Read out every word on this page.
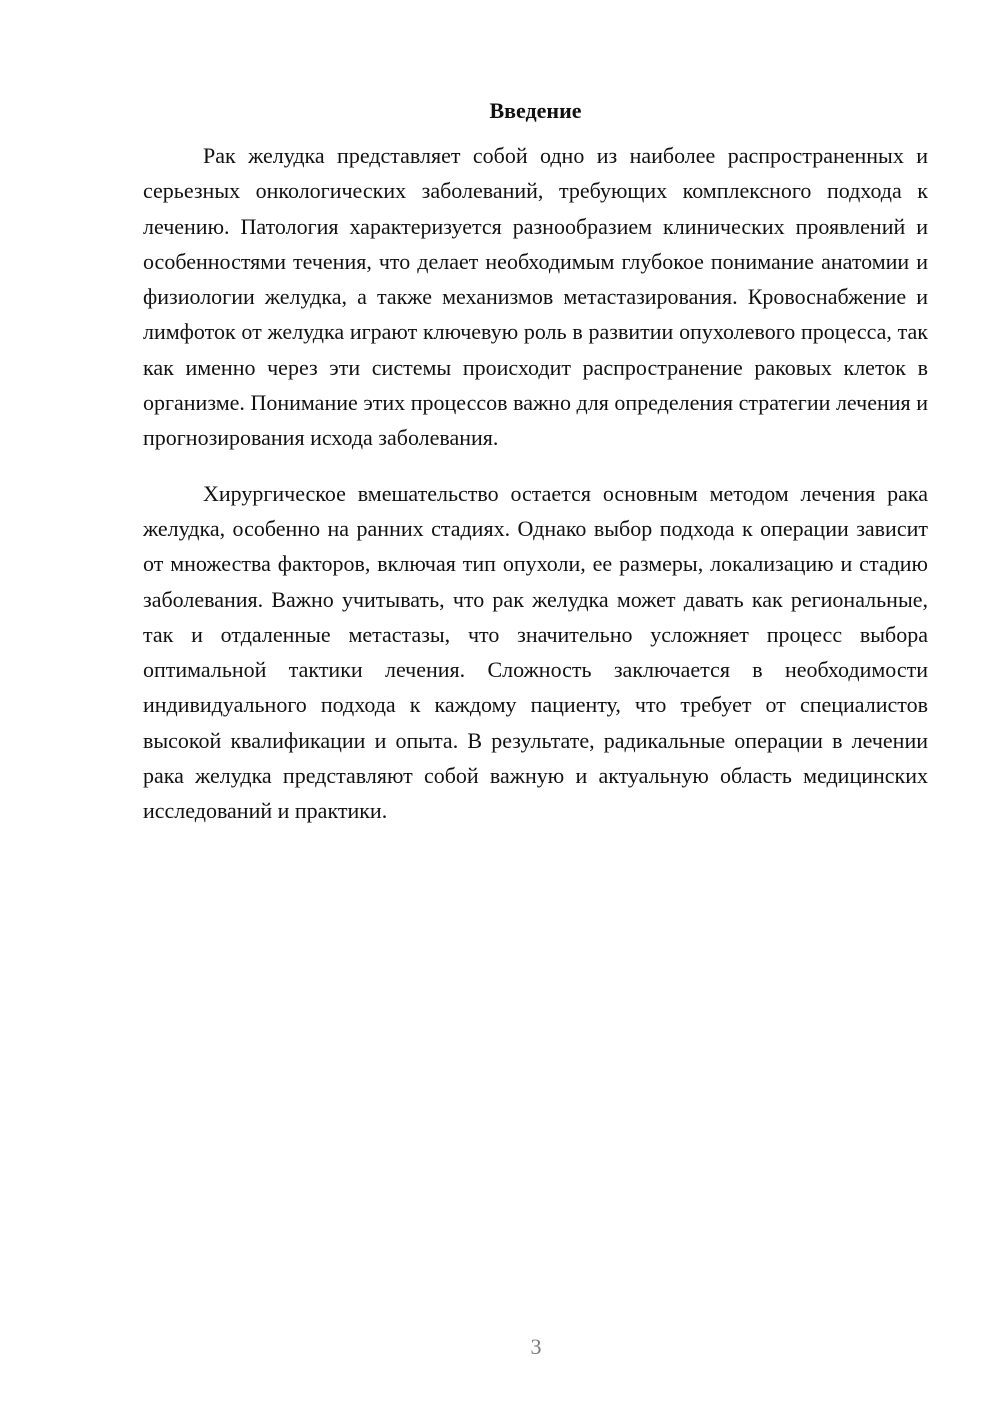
Введение

Рак желудка представляет собой одно из наиболее распространенных и серьезных онкологических заболеваний, требующих комплексного подхода к лечению. Патология характеризуется разнообразием клинических проявлений и особенностями течения, что делает необходимым глубокое понимание анатомии и физиологии желудка, а также механизмов метастазирования. Кровоснабжение и лимфоток от желудка играют ключевую роль в развитии опухолевого процесса, так как именно через эти системы происходит распространение раковых клеток в организме. Понимание этих процессов важно для определения стратегии лечения и прогнозирования исхода заболевания.

Хирургическое вмешательство остается основным методом лечения рака желудка, особенно на ранних стадиях. Однако выбор подхода к операции зависит от множества факторов, включая тип опухоли, ее размеры, локализацию и стадию заболевания. Важно учитывать, что рак желудка может давать как региональные, так и отдаленные метастазы, что значительно усложняет процесс выбора оптимальной тактики лечения. Сложность заключается в необходимости индивидуального подхода к каждому пациенту, что требует от специалистов высокой квалификации и опыта. В результате, радикальные операции в лечении рака желудка представляют собой важную и актуальную область медицинских исследований и практики.

3
